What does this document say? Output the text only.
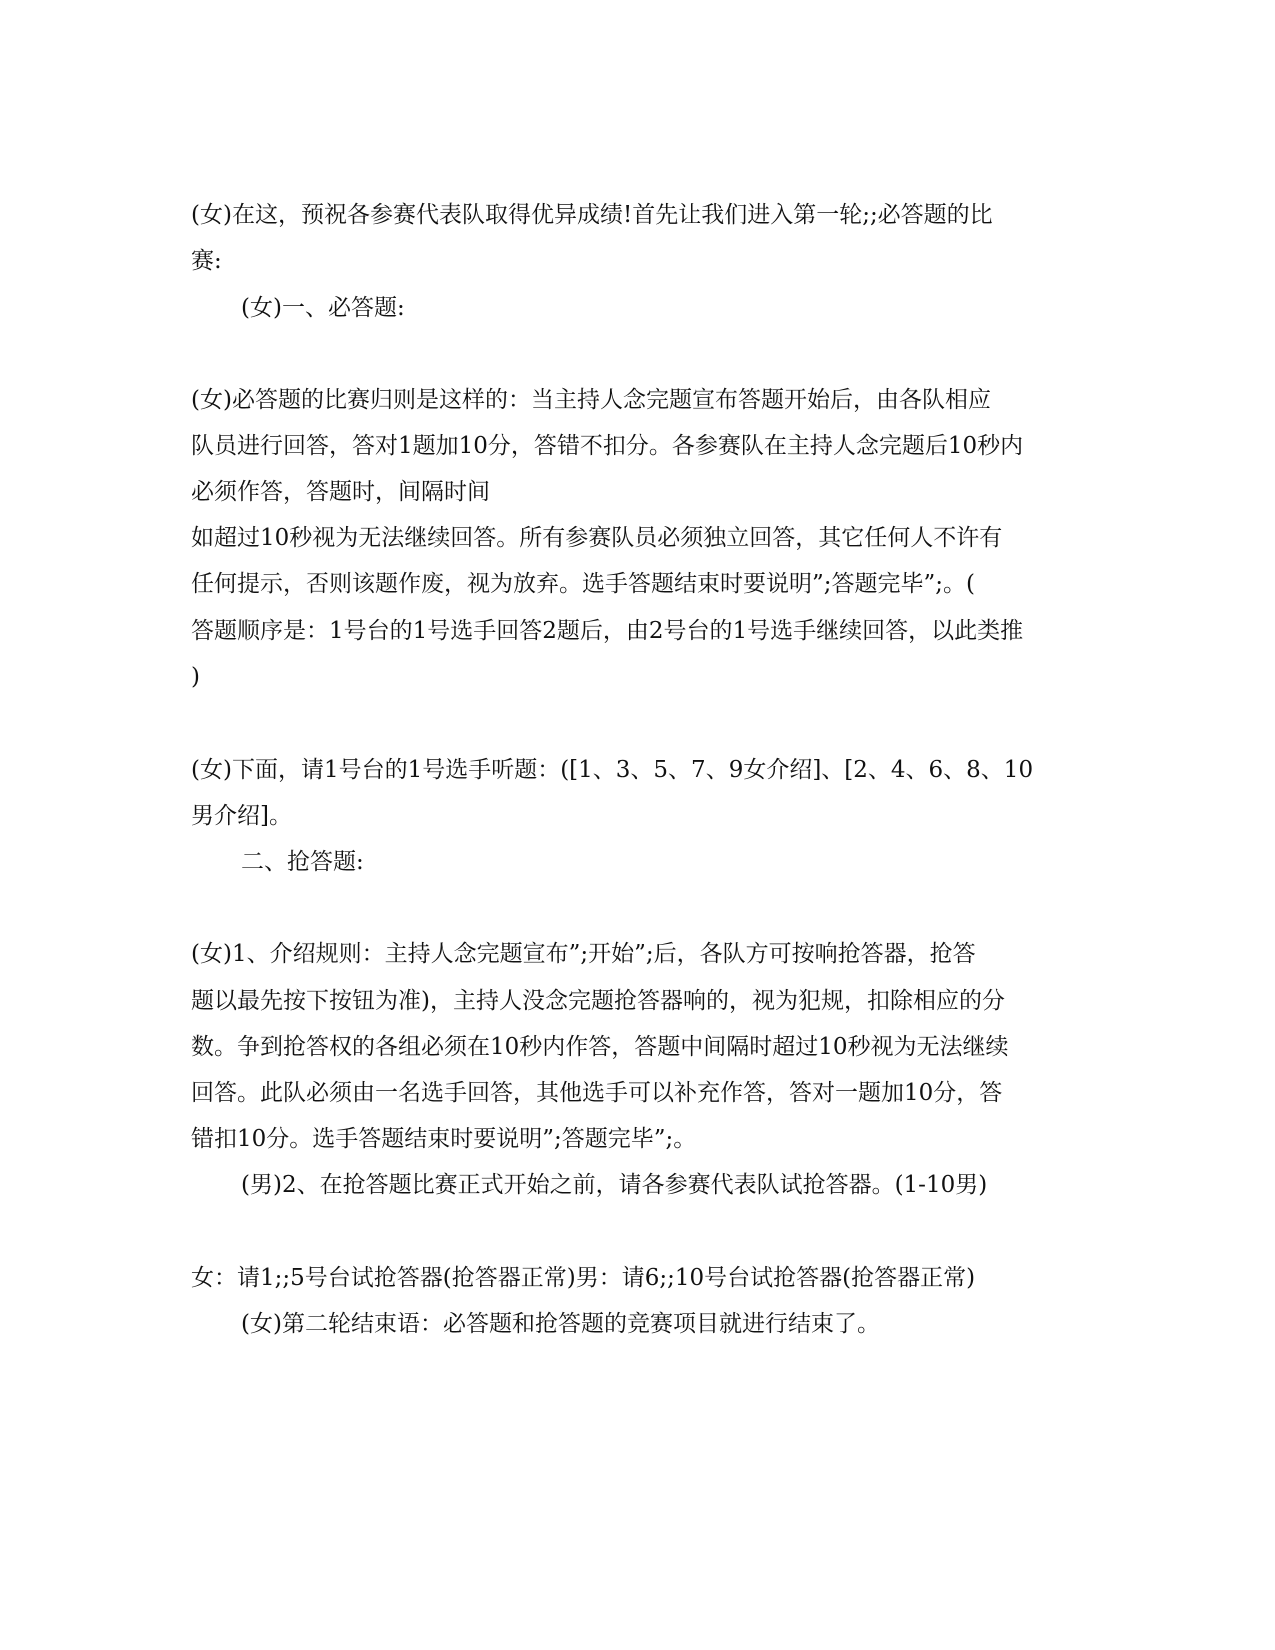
(女)在这，预祝各参赛代表队取得优异成绩!首先让我们进入第一轮;;必答题的比
赛:
(女)一、必答题:
(女)必答题的比赛归则是这样的：当主持人念完题宣布答题开始后，由各队相应
队员进行回答，答对1题加10分，答错不扣分。各参赛队在主持人念完题后10秒内
必须作答，答题时，间隔时间
如超过10秒视为无法继续回答。所有参赛队员必须独立回答，其它任何人不许有
任何提示，否则该题作废，视为放弃。选手答题结束时要说明”;答题完毕”;。(
答题顺序是：1号台的1号选手回答2题后，由2号台的1号选手继续回答，以此类推
)
(女)下面，请1号台的1号选手听题：([1、3、5、7、9女介绍]、[2、4、6、8、10
男介绍]。
二、抢答题:
(女)1、介绍规则：主持人念完题宣布”;开始”;后，各队方可按响抢答器，抢答
题以最先按下按钮为准)，主持人没念完题抢答器响的，视为犯规，扣除相应的分
数。争到抢答权的各组必须在10秒内作答，答题中间隔时超过10秒视为无法继续
回答。此队必须由一名选手回答，其他选手可以补充作答，答对一题加10分，答
错扣10分。选手答题结束时要说明”;答题完毕”;。
(男)2、在抢答题比赛正式开始之前，请各参赛代表队试抢答器。(1-10男)
女：请1;;5号台试抢答器(抢答器正常)男：请6;;10号台试抢答器(抢答器正常)
(女)第二轮结束语：必答题和抢答题的竞赛项目就进行结束了。
